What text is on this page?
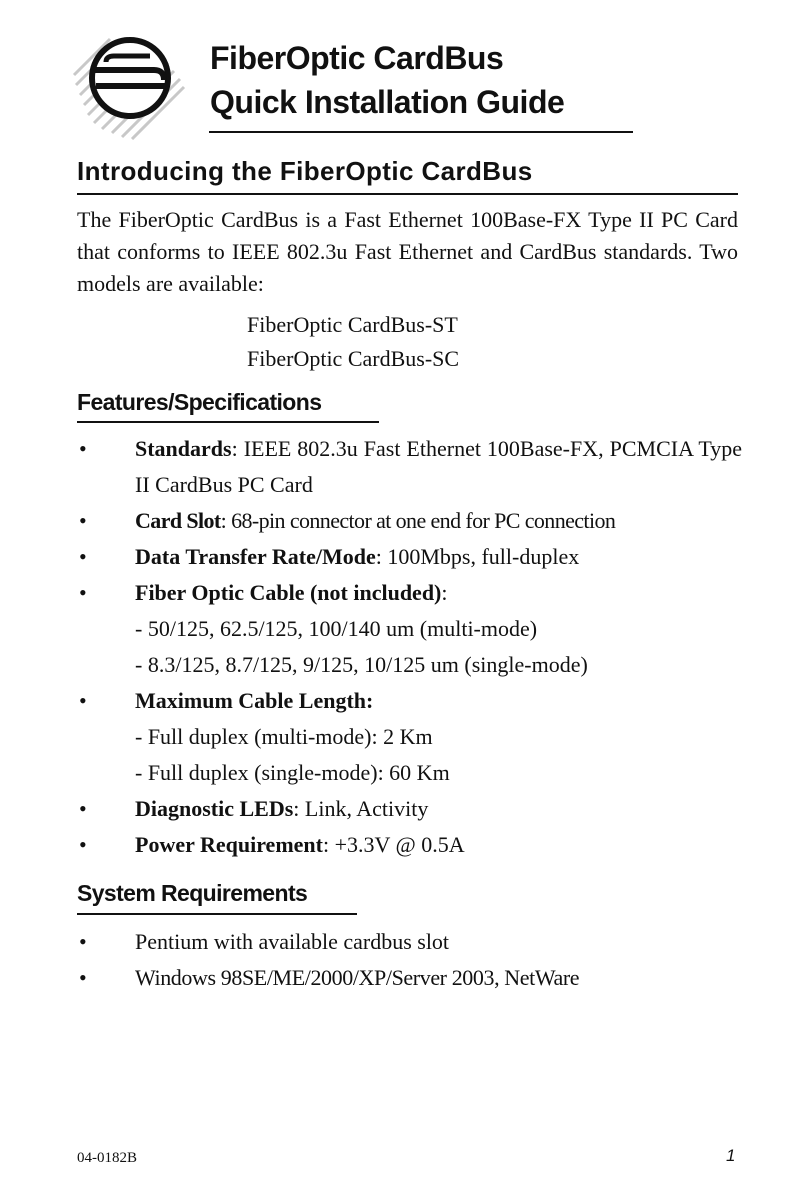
FiberOptic CardBus
Quick Installation Guide
Introducing the FiberOptic CardBus
The FiberOptic CardBus is a Fast Ethernet 100Base-FX Type II PC Card that conforms to IEEE 802.3u Fast Ethernet and CardBus standards. Two models are available:
FiberOptic CardBus-ST
FiberOptic CardBus-SC
Features/Specifications
• Standards: IEEE 802.3u Fast Ethernet 100Base-FX, PCMCIA Type II CardBus PC Card
• Card Slot: 68-pin connector at one end for PC connection
• Data Transfer Rate/Mode: 100Mbps, full-duplex
• Fiber Optic Cable (not included):
- 50/125, 62.5/125, 100/140 um (multi-mode)
- 8.3/125, 8.7/125, 9/125, 10/125 um (single-mode)
• Maximum Cable Length:
- Full duplex (multi-mode): 2 Km
- Full duplex (single-mode): 60 Km
• Diagnostic LEDs: Link, Activity
• Power Requirement: +3.3V @ 0.5A
System Requirements
• Pentium with available cardbus slot
• Windows 98SE/ME/2000/XP/Server 2003, NetWare
04-0182B	1
